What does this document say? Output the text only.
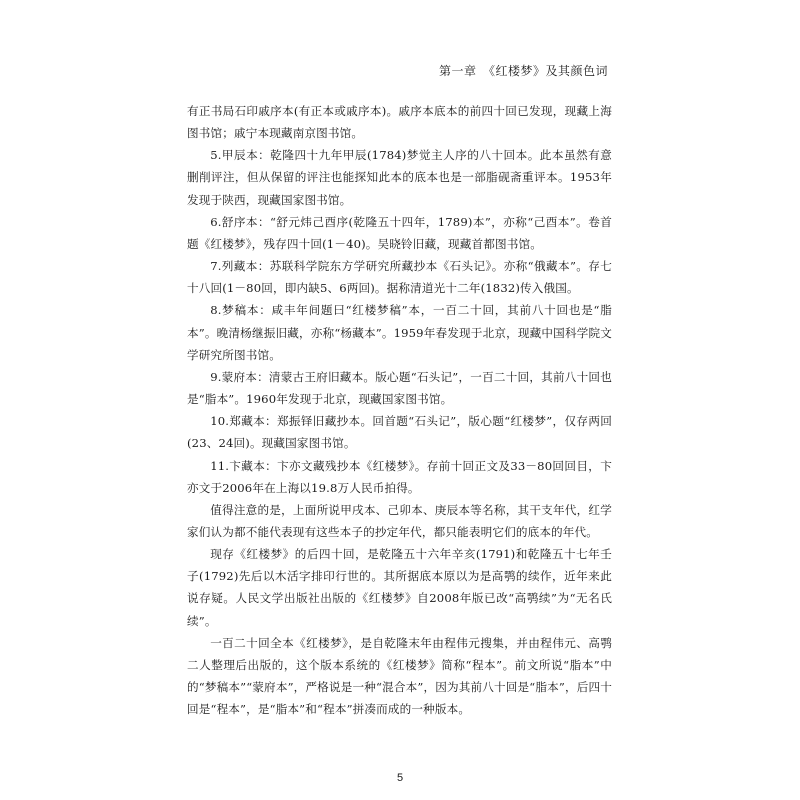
第一章　《红楼梦》及其颜色词

有正书局石印戚序本(有正本或戚序本)。戚序本底本的前四十回已发现，现藏上海图书馆；戚宁本现藏南京图书馆。

5.甲辰本：乾隆四十九年甲辰(1784)梦觉主人序的八十回本。此本虽然有意删削评注，但从保留的评注也能探知此本的底本也是一部脂砚斋重评本。1953年发现于陕西，现藏国家图书馆。

6.舒序本：“舒元炜己酉序(乾隆五十四年，1789)本”，亦称“己酉本”。卷首题《红楼梦》，残存四十回(1－40)。吴晓铃旧藏，现藏首都图书馆。

7.列藏本：苏联科学院东方学研究所藏抄本《石头记》。亦称“俄藏本”。存七十八回(1－80回，即内缺5、6两回)。据称清道光十二年(1832)传入俄国。

8.梦稿本：咸丰年间题曰“红楼梦稿”本，一百二十回，其前八十回也是“脂本”。晚清杨继振旧藏，亦称“杨藏本”。1959年春发现于北京，现藏中国科学院文学研究所图书馆。

9.蒙府本：清蒙古王府旧藏本。版心题“石头记”，一百二十回，其前八十回也是“脂本”。1960年发现于北京，现藏国家图书馆。

10.郑藏本：郑振铎旧藏抄本。回首题“石头记”，版心题“红楼梦”，仅存两回(23、24回)。现藏国家图书馆。

11.卞藏本：卞亦文藏残抄本《红楼梦》。存前十回正文及33－80回回目，卞亦文于2006年在上海以19.8万人民币拍得。

值得注意的是，上面所说甲戌本、己卯本、庚辰本等名称，其干支年代，红学家们认为都不能代表现有这些本子的抄定年代，都只能表明它们的底本的年代。

现存《红楼梦》的后四十回，是乾隆五十六年辛亥(1791)和乾隆五十七年壬子(1792)先后以木活字排印行世的。其所据底本原以为是高鹗的续作，近年来此说存疑。人民文学出版社出版的《红楼梦》自2008年版已改“高鹗续”为“无名氏续”。

一百二十回全本《红楼梦》，是自乾隆末年由程伟元搜集，并由程伟元、高鹗二人整理后出版的，这个版本系统的《红楼梦》简称“程本”。前文所说“脂本”中的“梦稿本”“蒙府本”，严格说是一种“混合本”，因为其前八十回是“脂本”，后四十回是“程本”，是“脂本”和“程本”拼凑而成的一种版本。

5
